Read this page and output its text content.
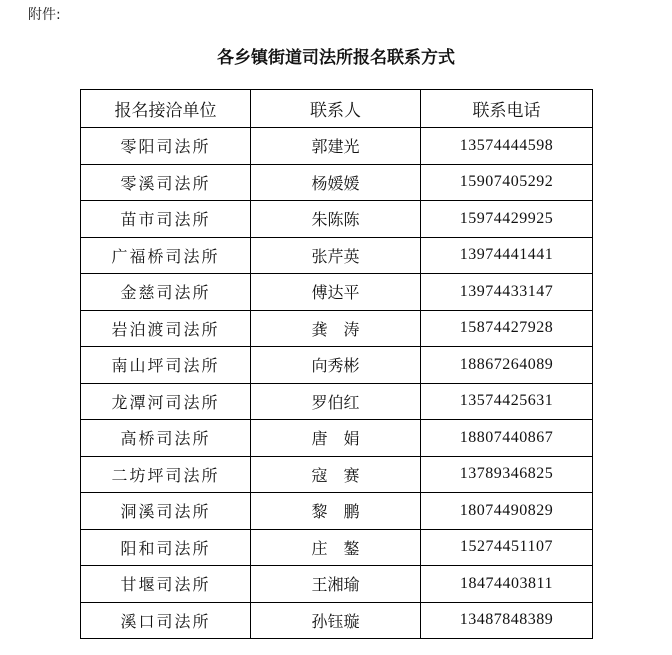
附件:
各乡镇街道司法所报名联系方式
报名接洽单位	联系人	联系电话
零阳司法所	郭建光	13574444598
零溪司法所	杨媛媛	15907405292
苗市司法所	朱陈陈	15974429925
广福桥司法所	张芹英	13974441441
金慈司法所	傅达平	13974433147
岩泊渡司法所	龚　涛	15874427928
南山坪司法所	向秀彬	18867264089
龙潭河司法所	罗伯红	13574425631
高桥司法所	唐　娟	18807440867
二坊坪司法所	寇　赛	13789346825
洞溪司法所	黎　鹏	18074490829
阳和司法所	庄　鏊	15274451107
甘堰司法所	王湘瑜	18474403811
溪口司法所	孙钰璇	13487848389
